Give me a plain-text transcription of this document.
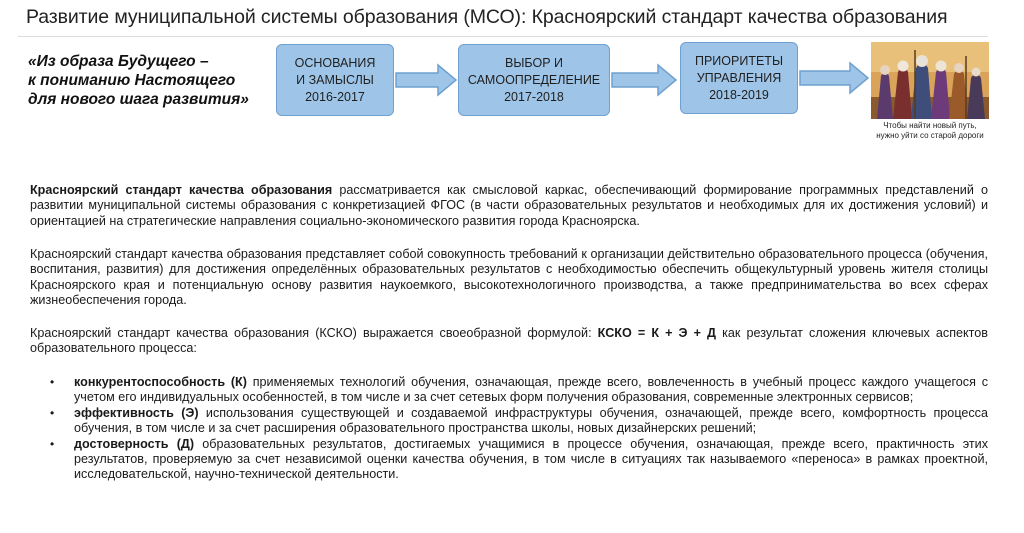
Развитие муниципальной системы образования (МСО): Красноярский стандарт качества образования
«Из образа Будущего –
к пониманию Настоящего
для нового шага развития»
ОСНОВАНИЯ
И ЗАМЫСЛЫ
2016-2017
ВЫБОР И
САМООПРЕДЕЛЕНИЕ
2017-2018
ПРИОРИТЕТЫ
УПРАВЛЕНИЯ
2018-2019
Чтобы найти новый путь,
нужно уйти со старой дороги
Красноярский стандарт качества образования рассматривается как смысловой каркас, обеспечивающий формирование программных представлений о развитии муниципальной системы образования с конкретизацией ФГОС (в части образовательных результатов и необходимых для их достижения условий) и ориентацией на стратегические направления социально-экономического развития города Красноярска.
Красноярский стандарт качества образования представляет собой совокупность требований к организации действительно образовательного процесса (обучения, воспитания, развития) для достижения определённых образовательных результатов с необходимостью обеспечить общекультурный уровень жителя столицы Красноярского края и потенциальную основу развития наукоемкого, высокотехнологичного производства, а также предпринимательства во всех сферах жизнеобеспечения города.
Красноярский стандарт качества образования (КСКО) выражается своеобразной формулой: КСКО = К + Э + Д как результат сложения ключевых аспектов образовательного процесса:
• конкурентоспособность (К) применяемых технологий обучения, означающая, прежде всего, вовлеченность в учебный процесс каждого учащегося с учетом его индивидуальных особенностей, в том числе и за счет сетевых форм получения образования, современные электронных сервисов;
• эффективность (Э) использования существующей и создаваемой инфраструктуры обучения, означающей, прежде всего, комфортность процесса обучения, в том числе и за счет расширения образовательного пространства школы, новых дизайнерских решений;
• достоверность (Д) образовательных результатов, достигаемых учащимися в процессе обучения, означающая, прежде всего, практичность этих результатов, проверяемую за счет независимой оценки качества обучения, в том числе в ситуациях так называемого «переноса» в рамках проектной, исследовательской, научно-технической деятельности.
